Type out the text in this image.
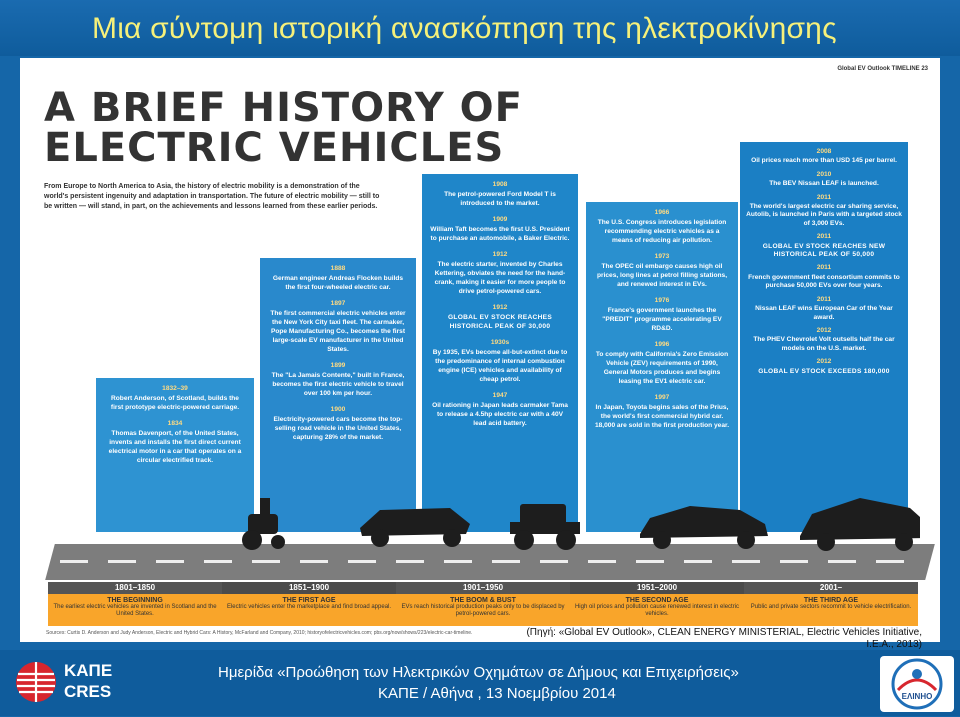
Μια σύντομη ιστορική ανασκόπηση της ηλεκτροκίνησης
Global EV Outlook TIMELINE 23
A BRIEF HISTORY OF
ELECTRIC VEHICLES
From Europe to North America to Asia, the history of electric mobility is a demonstration of the world's persistent ingenuity and adaptation in transportation. The future of electric mobility — still to be written — will stand, in part, on the achievements and lessons learned from these earlier periods.

1832–39
Robert Anderson, of Scotland, builds the first prototype electric-powered carriage.

1834
Thomas Davenport, of the United States, invents and installs the first direct current electrical motor in a car that operates on a circular electrified track.

1888
German engineer Andreas Flocken builds the first four-wheeled electric car.

1897
The first commercial electric vehicles enter the New York City taxi fleet. The carmaker, Pope Manufacturing Co., becomes the first large-scale EV manufacturer in the United States.

1899
The "La Jamais Contente," built in France, becomes the first electric vehicle to travel over 100 km per hour.

1900
Electricity-powered cars become the top-selling road vehicle in the United States, capturing 28% of the market.

1908
The petrol-powered Ford Model T is introduced to the market.

1909
William Taft becomes the first U.S. President to purchase an automobile, a Baker Electric.

1912
The electric starter, invented by Charles Kettering, obviates the need for the hand-crank, making it easier for more people to drive petrol-powered cars.

1912
GLOBAL EV STOCK REACHES HISTORICAL PEAK OF 30,000

1930s
By 1935, EVs become all-but-extinct due to the predominance of internal combustion engine (ICE) vehicles and availability of cheap petrol.

1947
Oil rationing in Japan leads carmaker Tama to release a 4.5hp electric car with a 40V lead acid battery.

1966
The U.S. Congress introduces legislation recommending electric vehicles as a means of reducing air pollution.

1973
The OPEC oil embargo causes high oil prices, long lines at petrol filling stations, and renewed interest in EVs.

1976
France's government launches the "PREDIT" programme accelerating EV RD&D.

1996
To comply with California's Zero Emission Vehicle (ZEV) requirements of 1990, General Motors produces and begins leasing the EV1 electric car.

1997
In Japan, Toyota begins sales of the Prius, the world's first commercial hybrid car. 18,000 are sold in the first production year.

2008
Oil prices reach more than USD 145 per barrel.

2010
The BEV Nissan LEAF is launched.

2011
The world's largest electric car sharing service, Autolib, is launched in Paris with a targeted stock of 3,000 EVs.

2011
GLOBAL EV STOCK REACHES NEW HISTORICAL PEAK OF 50,000

2011
French government fleet consortium commits to purchase 50,000 EVs over four years.

2011
Nissan LEAF wins European Car of the Year award.

2012
The PHEV Chevrolet Volt outsells half the car models on the U.S. market.

2012
GLOBAL EV STOCK EXCEEDS 180,000

1801–1850
THE BEGINNING
The earliest electric vehicles are invented in Scotland and the United States.
1851–1900
THE FIRST AGE
Electric vehicles enter the marketplace and find broad appeal.
1901–1950
THE BOOM & BUST
EVs reach historical production peaks only to be displaced by petrol-powered cars.
1951–2000
THE SECOND AGE
High oil prices and pollution cause renewed interest in electric vehicles.
2001–
THE THIRD AGE
Public and private sectors recommit to vehicle electrification.
Sources: Curtis D. Anderson and Judy Anderson, Electric and Hybrid Cars: A History, McFarland and Company, 2010; historyofelectricvehicles.com; pbs.org/now/shows/223/electric-car-timeline.	(Πηγή: «Global EV Outlook», CLEAN ENERGY MINISTERIAL, Electric Vehicles Initiative, I.E.A., 2013)
ΚΑΠΕ
CRES
Ημερίδα «Προώθηση των Ηλεκτρικών Οχημάτων σε Δήμους και Επιχειρήσεις»
ΚΑΠΕ / Αθήνα , 13 Νοεμβρίου 2014	ΕΛΙΝΗΟ
